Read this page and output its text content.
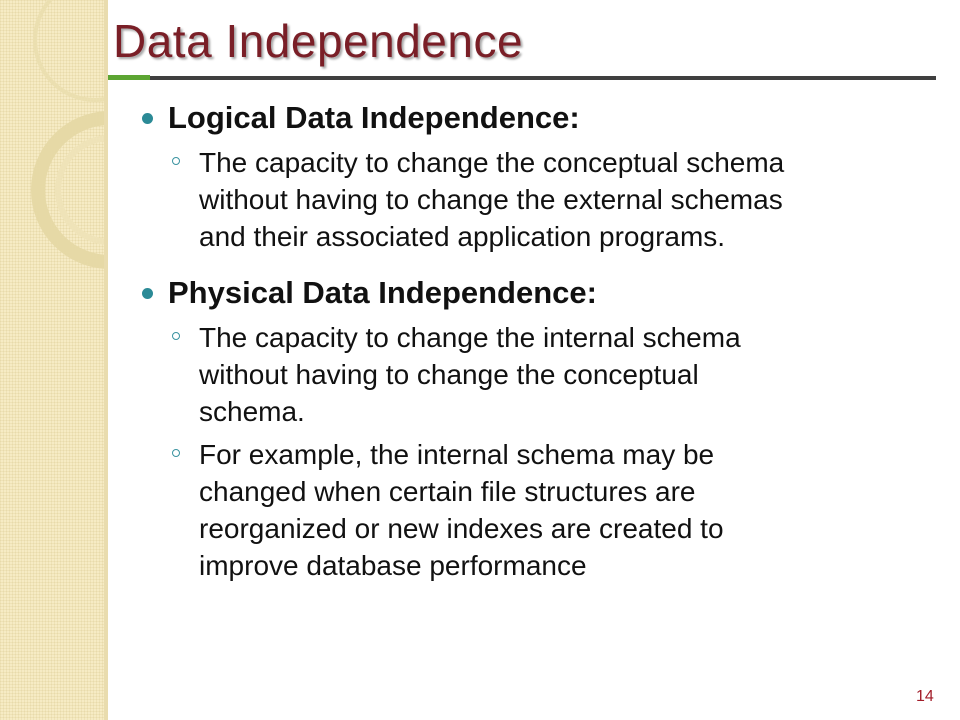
Data Independence
Logical Data Independence:
The capacity to change the conceptual schema
without having to change the external schemas
and their associated application programs.
Physical Data Independence:
The capacity to change the internal schema
without having to change the conceptual
schema.
For example, the internal schema may be
changed when certain file structures are
reorganized or new indexes are created to
improve database performance
14
